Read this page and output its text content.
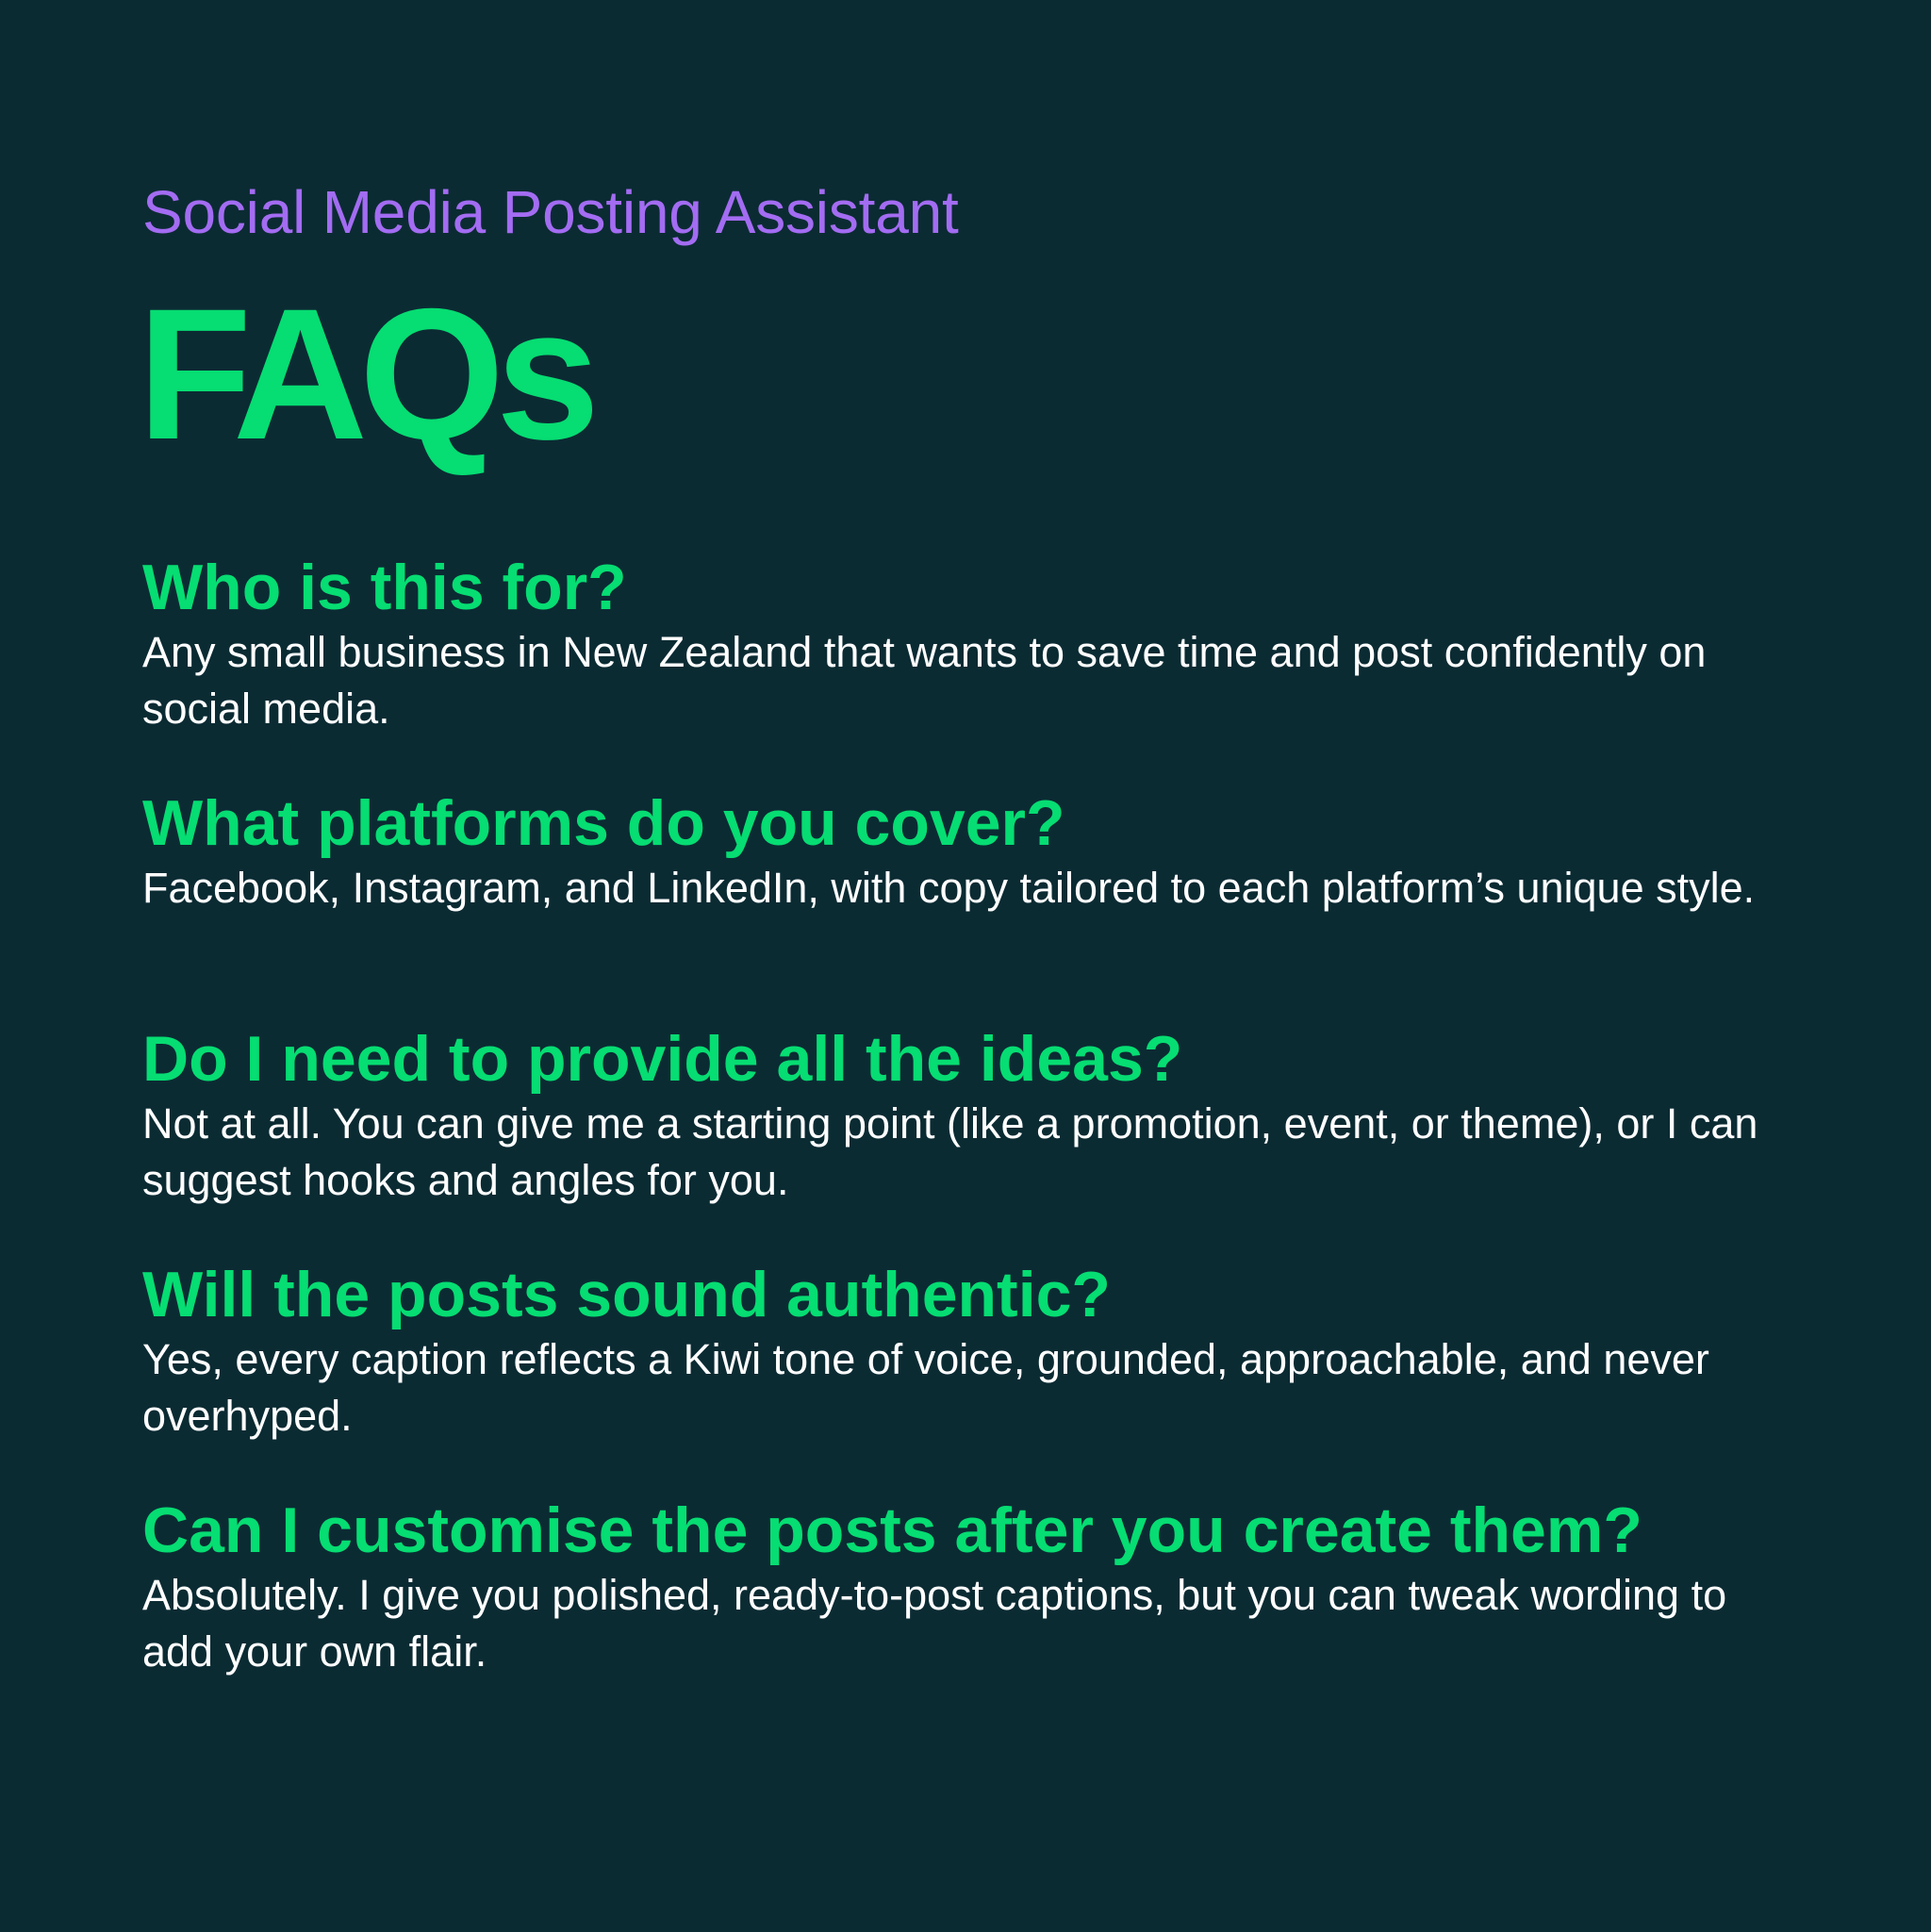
Social Media Posting Assistant

FAQs
Who is this for?

Any small business in New Zealand that wants to save time and post confidently on social media.

What platforms do you cover?

Facebook, Instagram, and LinkedIn, with copy tailored to each platform’s unique style.

Do I need to provide all the ideas?

Not at all. You can give me a starting point (like a promotion, event, or theme), or I can suggest hooks and angles for you.

Will the posts sound authentic?

Yes, every caption reflects a Kiwi tone of voice, grounded, approachable, and never overhyped.

Can I customise the posts after you create them?

Absolutely. I give you polished, ready-to-post captions, but you can tweak wording to add your own flair.
